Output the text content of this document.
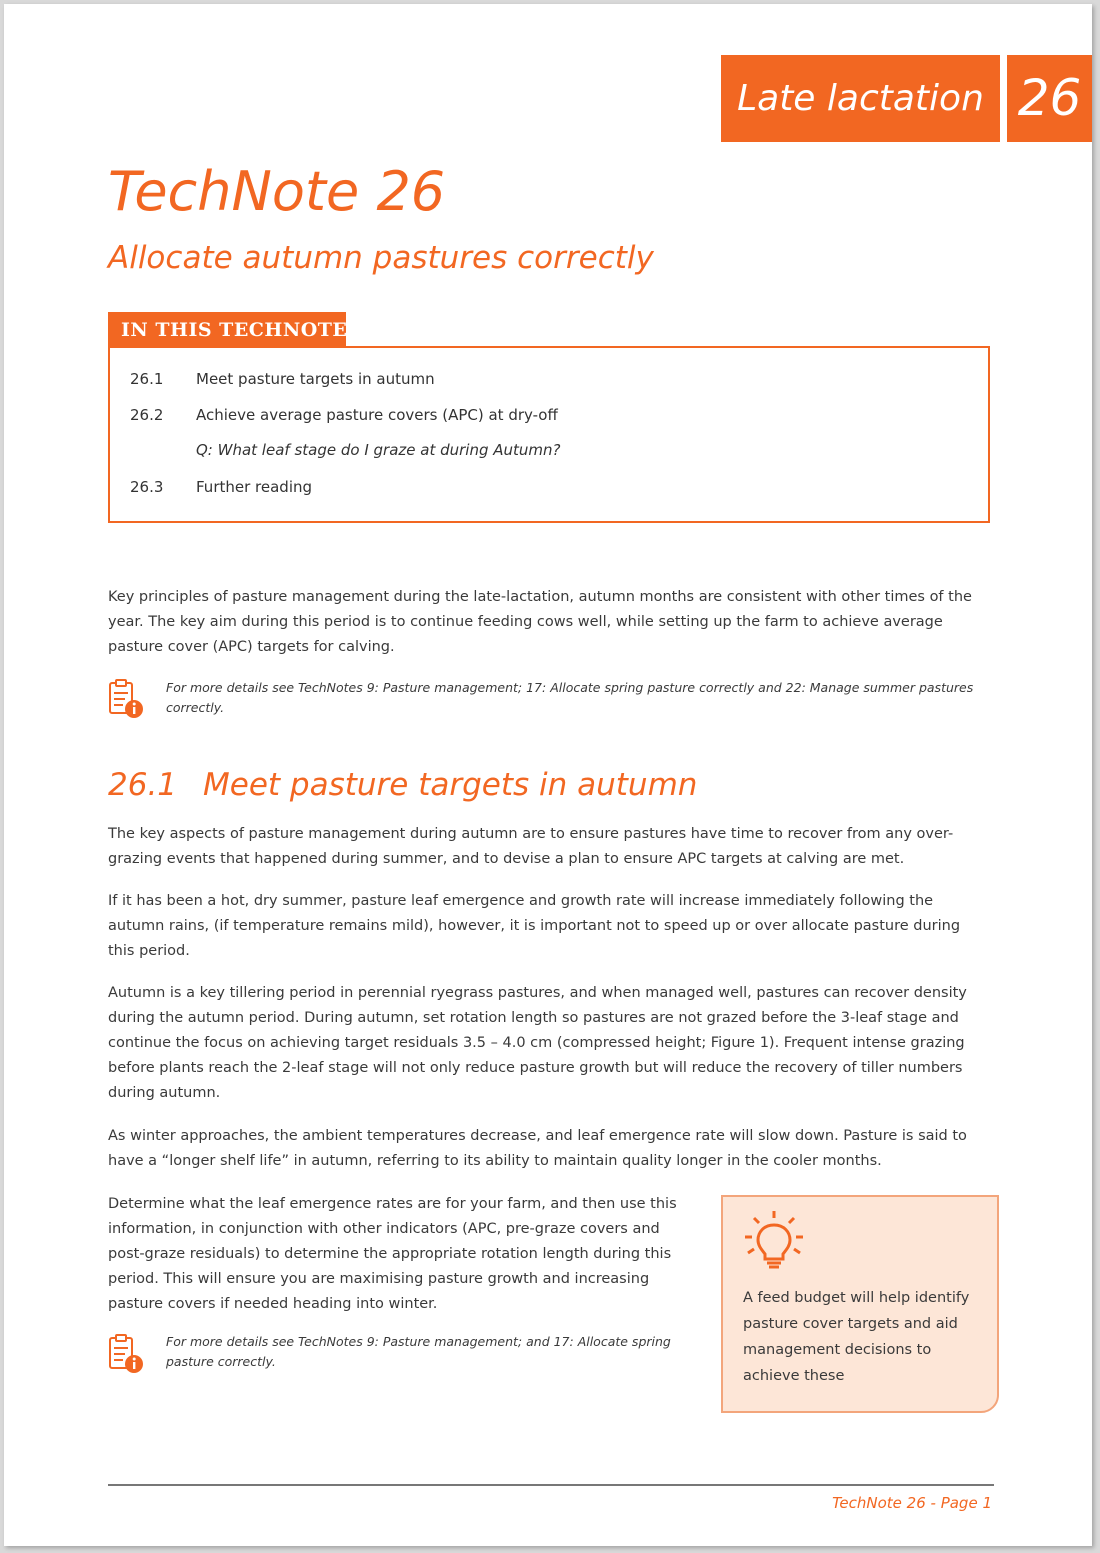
Late lactation 26
TechNote 26
Allocate autumn pastures correctly
IN THIS TECHNOTE
26.1 Meet pasture targets in autumn
26.2 Achieve average pasture covers (APC) at dry-off
Q: What leaf stage do I graze at during Autumn?
26.3 Further reading
Key principles of pasture management during the late-lactation, autumn months are consistent with other times of the year. The key aim during this period is to continue feeding cows well, while setting up the farm to achieve average pasture cover (APC) targets for calving.
For more details see TechNotes 9: Pasture management; 17: Allocate spring pasture correctly and 22: Manage summer pastures correctly.
26.1 Meet pasture targets in autumn
The key aspects of pasture management during autumn are to ensure pastures have time to recover from any over-grazing events that happened during summer, and to devise a plan to ensure APC targets at calving are met.
If it has been a hot, dry summer, pasture leaf emergence and growth rate will increase immediately following the autumn rains, (if temperature remains mild), however, it is important not to speed up or over allocate pasture during this period.
Autumn is a key tillering period in perennial ryegrass pastures, and when managed well, pastures can recover density during the autumn period. During autumn, set rotation length so pastures are not grazed before the 3-leaf stage and continue the focus on achieving target residuals 3.5 – 4.0 cm (compressed height; Figure 1). Frequent intense grazing before plants reach the 2-leaf stage will not only reduce pasture growth but will reduce the recovery of tiller numbers during autumn.
As winter approaches, the ambient temperatures decrease, and leaf emergence rate will slow down. Pasture is said to have a “longer shelf life” in autumn, referring to its ability to maintain quality longer in the cooler months.
Determine what the leaf emergence rates are for your farm, and then use this information, in conjunction with other indicators (APC, pre-graze covers and post-graze residuals) to determine the appropriate rotation length during this period. This will ensure you are maximising pasture growth and increasing pasture covers if needed heading into winter.
For more details see TechNotes 9: Pasture management; and 17: Allocate spring pasture correctly.
A feed budget will help identify pasture cover targets and aid management decisions to achieve these
TechNote 26 - Page 1
